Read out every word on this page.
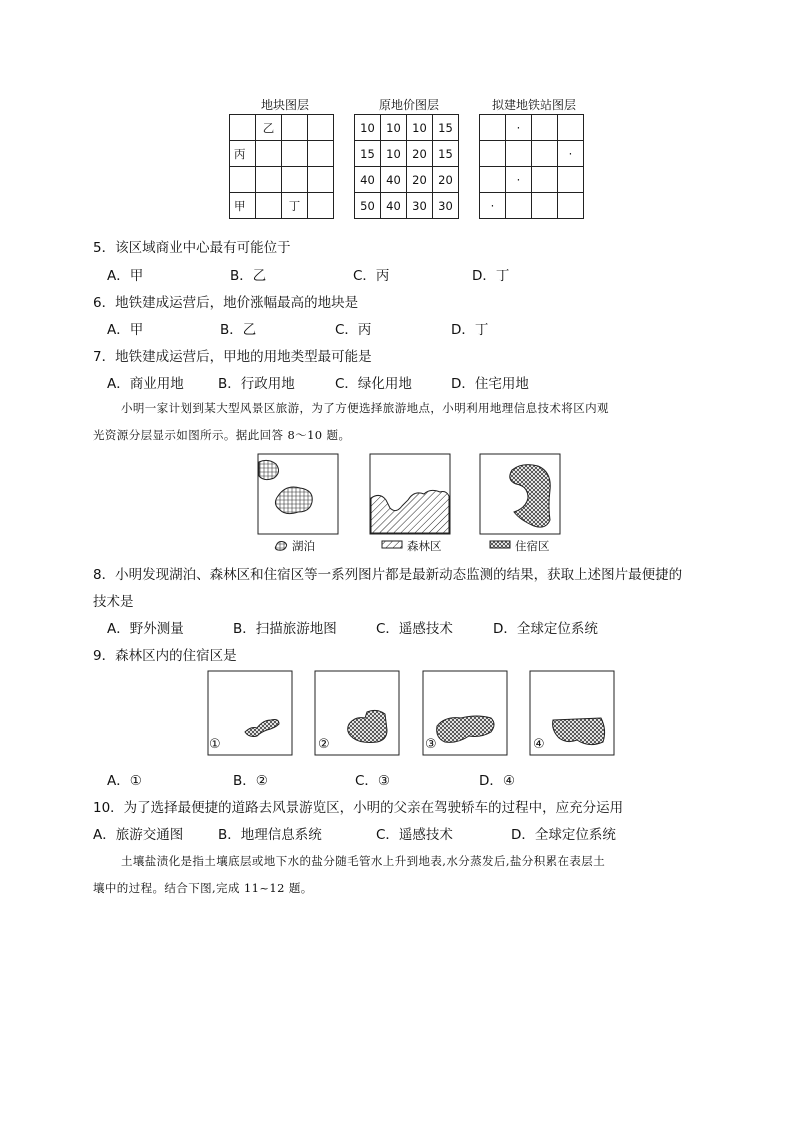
地块图层
	乙		
丙			

甲		丁	
原地价图层
10	10	10	15
15	10	20	15
40	40	20	20
50	40	30	30
拟建地铁站图层
	·		
			·
	·		
·			
5．该区域商业中心最有可能位于
A．甲	B．乙	C．丙	D．丁
6．地铁建成运营后，地价涨幅最高的地块是
A．甲	B．乙	C．丙	D．丁
7．地铁建成运营后，甲地的用地类型最可能是
A．商业用地	B．行政用地	C．绿化用地	D．住宅用地
小明一家计划到某大型风景区旅游，为了方便选择旅游地点，小明利用地理信息技术将区内观
光资源分层显示如图所示。据此回答 8～10 题。
湖泊	森林区	住宿区
8．小明发现湖泊、森林区和住宿区等一系列图片都是最新动态监测的结果，获取上述图片最便捷的
技术是
A．野外测量	B．扫描旅游地图	C．遥感技术	D．全球定位系统
9．森林区内的住宿区是
①	②	③	④
A．①	B．②	C．③	D．④
10．为了选择最便捷的道路去风景游览区，小明的父亲在驾驶轿车的过程中，应充分运用
A．旅游交通图	B．地理信息系统	C．遥感技术	D．全球定位系统
土壤盐渍化是指土壤底层或地下水的盐分随毛管水上升到地表,水分蒸发后,盐分积累在表层土
壤中的过程。结合下图,完成 11~12 题。
